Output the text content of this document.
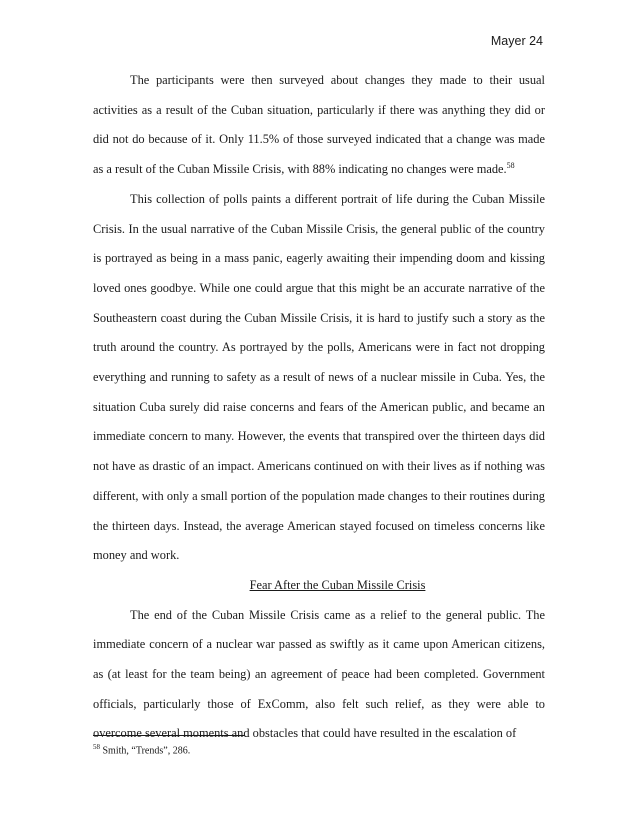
Mayer 24

The participants were then surveyed about changes they made to their usual activities as a result of the Cuban situation, particularly if there was anything they did or did not do because of it. Only 11.5% of those surveyed indicated that a change was made as a result of the Cuban Missile Crisis, with 88% indicating no changes were made.$^{58}$

This collection of polls paints a different portrait of life during the Cuban Missile Crisis. In the usual narrative of the Cuban Missile Crisis, the general public of the country is portrayed as being in a mass panic, eagerly awaiting their impending doom and kissing loved ones goodbye. While one could argue that this might be an accurate narrative of the Southeastern coast during the Cuban Missile Crisis, it is hard to justify such a story as the truth around the country. As portrayed by the polls, Americans were in fact not dropping everything and running to safety as a result of news of a nuclear missile in Cuba. Yes, the situation Cuba surely did raise concerns and fears of the American public, and became an immediate concern to many. However, the events that transpired over the thirteen days did not have as drastic of an impact. Americans continued on with their lives as if nothing was different, with only a small portion of the population made changes to their routines during the thirteen days. Instead, the average American stayed focused on timeless concerns like money and work.

Fear After the Cuban Missile Crisis

The end of the Cuban Missile Crisis came as a relief to the general public. The immediate concern of a nuclear war passed as swiftly as it came upon American citizens, as (at least for the team being) an agreement of peace had been completed. Government officials, particularly those of ExComm, also felt such relief, as they were able to overcome several moments and obstacles that could have resulted in the escalation of

$^{58}$ Smith, “Trends”, 286.
